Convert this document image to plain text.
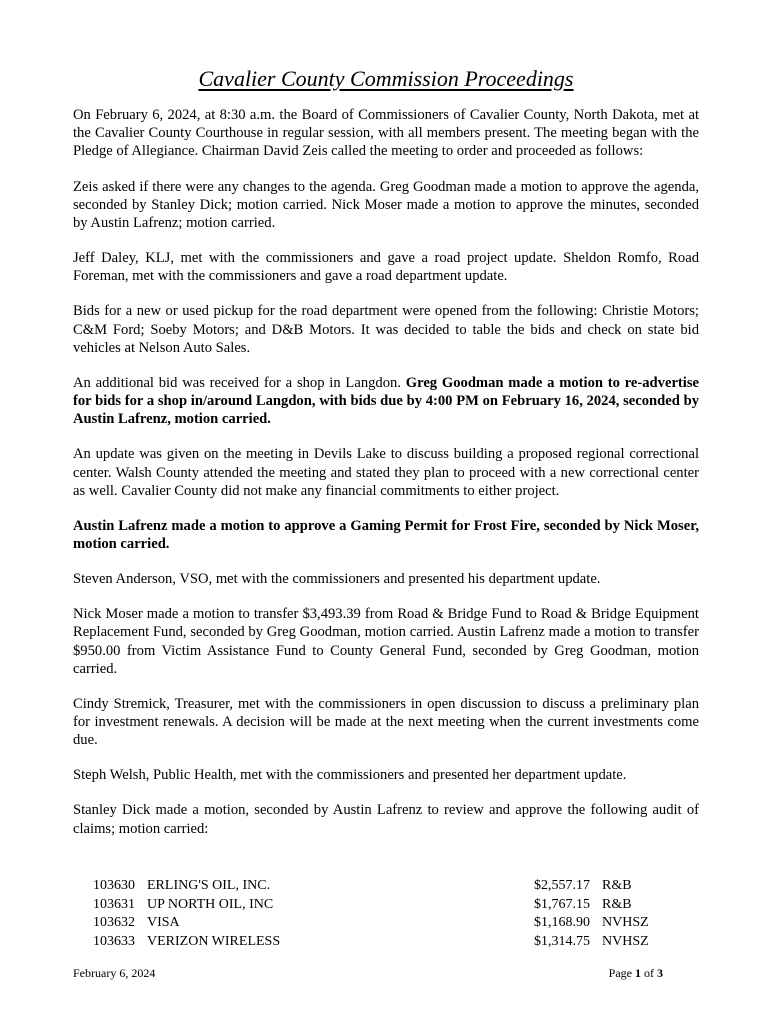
Cavalier County Commission Proceedings

On February 6, 2024, at 8:30 a.m. the Board of Commissioners of Cavalier County, North Dakota, met at the Cavalier County Courthouse in regular session, with all members present. The meeting began with the Pledge of Allegiance. Chairman David Zeis called the meeting to order and proceeded as follows:

Zeis asked if there were any changes to the agenda. Greg Goodman made a motion to approve the agenda, seconded by Stanley Dick; motion carried. Nick Moser made a motion to approve the minutes, seconded by Austin Lafrenz; motion carried.

Jeff Daley, KLJ, met with the commissioners and gave a road project update. Sheldon Romfo, Road Foreman, met with the commissioners and gave a road department update.

Bids for a new or used pickup for the road department were opened from the following: Christie Motors; C&M Ford; Soeby Motors; and D&B Motors. It was decided to table the bids and check on state bid vehicles at Nelson Auto Sales.

An additional bid was received for a shop in Langdon. Greg Goodman made a motion to re-advertise for bids for a shop in/around Langdon, with bids due by 4:00 PM on February 16, 2024, seconded by Austin Lafrenz, motion carried.

An update was given on the meeting in Devils Lake to discuss building a proposed regional correctional center. Walsh County attended the meeting and stated they plan to proceed with a new correctional center as well. Cavalier County did not make any financial commitments to either project.

Austin Lafrenz made a motion to approve a Gaming Permit for Frost Fire, seconded by Nick Moser, motion carried.

Steven Anderson, VSO, met with the commissioners and presented his department update.

Nick Moser made a motion to transfer $3,493.39 from Road & Bridge Fund to Road & Bridge Equipment Replacement Fund, seconded by Greg Goodman, motion carried. Austin Lafrenz made a motion to transfer $950.00 from Victim Assistance Fund to County General Fund, seconded by Greg Goodman, motion carried.

Cindy Stremick, Treasurer, met with the commissioners in open discussion to discuss a preliminary plan for investment renewals. A decision will be made at the next meeting when the current investments come due.

Steph Welsh, Public Health, met with the commissioners and presented her department update.

Stanley Dick made a motion, seconded by Austin Lafrenz to review and approve the following audit of claims; motion carried:

103630	ERLING'S OIL, INC.	$2,557.17	R&B
103631	UP NORTH OIL, INC	$1,767.15	R&B
103632	VISA	$1,168.90	NVHSZ
103633	VERIZON WIRELESS	$1,314.75	NVHSZ
February 6, 2024	Page 1 of 3
